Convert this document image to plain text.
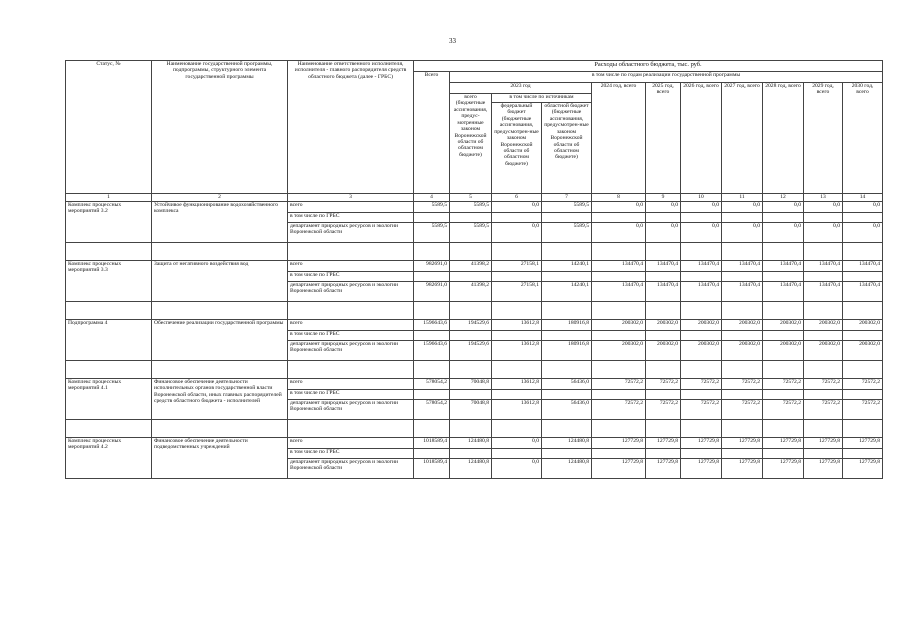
33
Статус, №	Наименование государственной программы, подпрограммы, структурного элемента государственной программы	Наименование ответственного исполнителя, исполнителя - главного распорядителя средств областного бюджета (далее - ГРБС)	Расходы областного бюджета, тыс. руб.										
			Всего	в том числе по годам реализации государственной программы									
				2023 год			2024 год, всего	2025 год, всего	2026 год, всего	2027 год, всего	2028 год, всего	2029 год, всего	2030 год, всего
				всего (бюджетные ассигнования, предус-мотренные законом Воронежской области об областном бюджете)	в том числе по источникам								
					федеральный бюджет (бюджетные ассигнования, предусмотрен-ные законом Воронежской области об областном бюджете)	областной бюджет (бюджетные ассигнования, предусмотрен-ные законом Воронежской области об областном бюджете)							
1	2	3	4	5	6	7	8	9	10	11	12	13	14
Комплекс процессных мероприятий 3.2	Устойчивое функционирование водохозяйственного комплекса	всего	5589,5	5589,5	0,0	5589,5	0,0	0,0	0,0	0,0	0,0	0,0	0,0
		в том числе по ГРБС											
		департамент природных ресурсов и экологии Воронежской области	5589,5	5589,5	0,0	5589,5	0,0	0,0	0,0	0,0	0,0	0,0	0,0

Комплекс процессных мероприятий 3.3	Защита от негативного воздействия вод	всего	982691,0	41398,2	27158,1	14240,1	134470,4	134470,4	134470,4	134470,4	134470,4	134470,4	134470,4
		в том числе по ГРБС											
		департамент природных ресурсов и экологии Воронежской области	982691,0	41398,2	27158,1	14240,1	134470,4	134470,4	134470,4	134470,4	134470,4	134470,4	134470,4

Подпрограмма 4	Обеспечение реализации государственной программы	всего	1596643,6	194529,6	13612,8	180916,8	200302,0	200302,0	200302,0	200302,0	200302,0	200302,0	200302,0
		в том числе по ГРБС											
		департамент природных ресурсов и экологии Воронежской области	1596643,6	194529,6	13612,8	180916,8	200302,0	200302,0	200302,0	200302,0	200302,0	200302,0	200302,0

Комплекс процессных мероприятий 4.1	Финансовое обеспечение деятельности исполнительных органов государственной власти Воронежской области, иных главных распорядителей средств областного бюджета - исполнителей	всего	578054,2	70048,8	13612,8	56436,0	72572,2	72572,2	72572,2	72572,2	72572,2	72572,2	72572,2
		в том числе по ГРБС											
		департамент природных ресурсов и экологии Воронежской области	578054,2	70048,8	13612,8	56436,0	72572,2	72572,2	72572,2	72572,2	72572,2	72572,2	72572,2

Комплекс процессных мероприятий 4.2	Финансовое обеспечение деятельности подведомственных учреждений	всего	1018589,4	124480,8	0,0	124480,8	127729,8	127729,8	127729,8	127729,8	127729,8	127729,8	127729,8
		в том числе по ГРБС											
		департамент природных ресурсов и экологии Воронежской области	1018589,4	124480,8	0,0	124480,8	127729,8	127729,8	127729,8	127729,8	127729,8	127729,8	127729,8
